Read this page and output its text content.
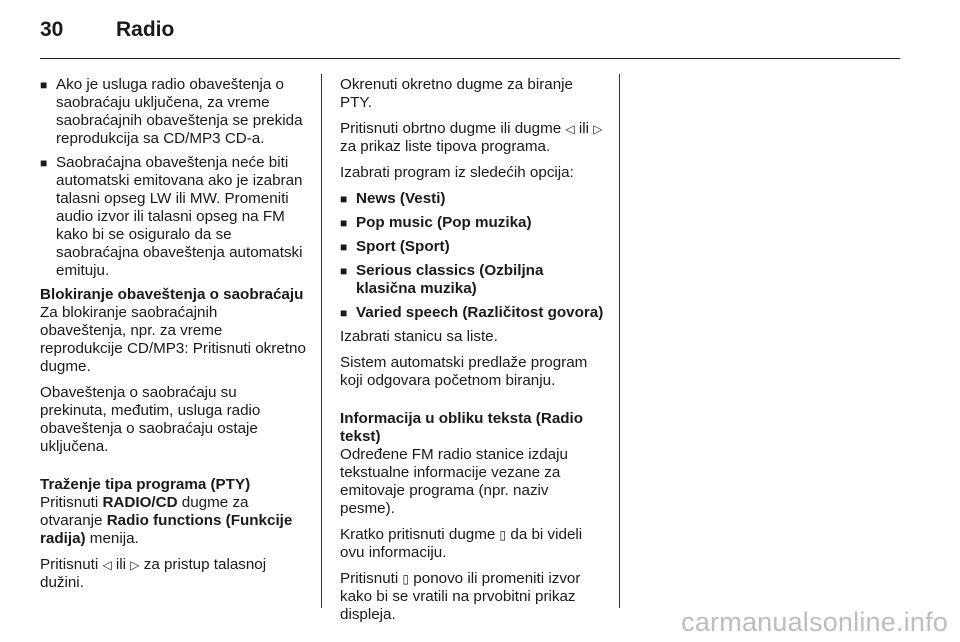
30	Radio
■ Ako je usluga radio obaveštenja o saobraćaju uključena, za vreme saobraćajnih obaveštenja se prekida reprodukcija sa CD/MP3 CD-a.
■ Saobraćajna obaveštenja neće biti automatski emitovana ako je izabran talasni opseg LW ili MW. Promeniti audio izvor ili talasni opseg na FM kako bi se osiguralo da se saobraćajna obaveštenja automatski emituju.
Blokiranje obaveštenja o saobraćaju
Za blokiranje saobraćajnih obaveštenja, npr. za vreme reprodukcije CD/MP3: Pritisnuti okretno dugme.
Obaveštenja o saobraćaju su prekinuta, međutim, usluga radio obaveštenja o saobraćaju ostaje uključena.
Traženje tipa programa (PTY)
Pritisnuti RADIO/CD dugme za otvaranje Radio functions (Funkcije radija) menija.
Pritisnuti ◁ ili ▷ za pristup talasnoj dužini.
Okrenuti okretno dugme za biranje PTY.
Pritisnuti obrtno dugme ili dugme ◁ ili ▷ za prikaz liste tipova programa.
Izabrati program iz sledećih opcija:
■ News (Vesti)
■ Pop music (Pop muzika)
■ Sport (Sport)
■ Serious classics (Ozbiljna klasična muzika)
■ Varied speech (Različitost govora)
Izabrati stanicu sa liste.
Sistem automatski predlaže program koji odgovara početnom biranju.
Informacija u obliku teksta (Radio tekst)
Određene FM radio stanice izdaju tekstualne informacije vezane za emitovaje programa (npr. naziv pesme).
Kratko pritisnuti dugme ▯ da bi videli ovu informaciju.
Pritisnuti ▯ ponovo ili promeniti izvor kako bi se vratili na prvobitni prikaz displeja.	carmanualsonline.info
